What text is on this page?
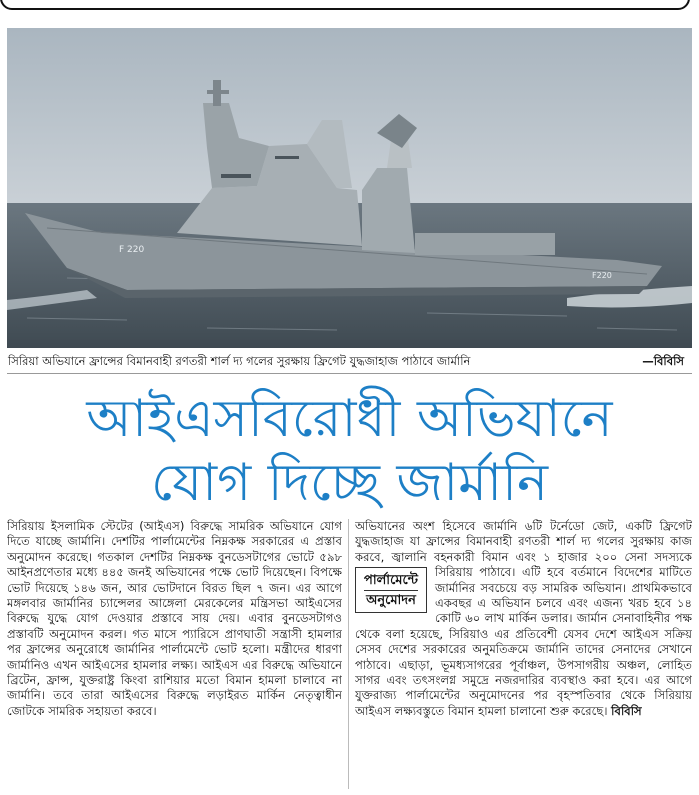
F 220
F220
সিরিয়া অভিযানে ফ্রান্সের বিমানবাহী রণতরী শার্ল দ্য গলের সুরক্ষায় ফ্রিগেট যুদ্ধজাহাজ পাঠাবে জার্মানি	—বিবিসি
আইএসবিরোধী অভিযানে
যোগ দিচ্ছে জার্মানি

সিরিয়ায় ইসলামিক স্টেটের (আইএস) বিরুদ্ধে সামরিক অভিযানে যোগ দিতে যাচ্ছে জার্মানি। দেশটির পার্লামেন্টের নিম্নকক্ষ সরকারের এ প্রস্তাব অনুমোদন করেছে। গতকাল দেশটির নিম্নকক্ষ বুনডেসটাগের ভোটে ৫৯৮ আইনপ্রণেতার মধ্যে ৪৪৫ জনই অভিযানের পক্ষে ভোট দিয়েছেন। বিপক্ষে ভোট দিয়েছে ১৪৬ জন, আর ভোটদানে বিরত ছিল ৭ জন। এর আগে মঙ্গলবার জার্মানির চ্যান্সেলর আঙ্গেলা মেরকেলের মন্ত্রিসভা আইএসের বিরুদ্ধে যুদ্ধে যোগ দেওয়ার প্রস্তাবে সায় দেয়। এবার বুনডেসটাগও প্রস্তাবটি অনুমোদন করল। গত মাসে প্যারিসে প্রাণঘাতী সন্ত্রাসী হামলার পর ফ্রান্সের অনুরোধে জার্মানির পার্লামেন্টে ভোট হলো। মন্ত্রীদের ধারণা জার্মানিও এখন আইএসের হামলার লক্ষ্য। আইএস এর বিরুদ্ধে অভিযানে ব্রিটেন, ফ্রান্স, যুক্তরাষ্ট্র কিংবা রাশিয়ার মতো বিমান হামলা চালাবে না জার্মানি। তবে তারা আইএসের বিরুদ্ধে লড়াইরত মার্কিন নেতৃত্বাধীন জোটকে সামরিক সহায়তা করবে।

অভিযানের অংশ হিসেবে জার্মানি ৬টি টর্নেডো জেট, একটি ফ্রিগেট যুদ্ধজাহাজ যা ফ্রান্সের বিমানবাহী রণতরী শার্ল দ্য গলের সুরক্ষায় কাজ করবে, জ্বালানি বহনকারী বিমান এবং ১ হাজার ২০০ সেনা সদস্যকে সিরিয়ায় পাঠাবে। এটি হবে বর্তমানে
পার্লামেন্টে
অনুমোদন
বিদেশের মাটিতে জার্মানির সবচেয়ে বড় সামরিক অভিযান। প্রাথমিকভাবে একবছর এ অভিযান চলবে এবং এজন্য খরচ হবে ১৪ কোটি ৬০ লাখ মার্কিন ডলার। জার্মান সেনাবাহিনীর পক্ষ থেকে বলা হয়েছে, সিরিয়াও এর প্রতিবেশী যেসব দেশে আইএস সক্রিয় সেসব দেশের সরকারের অনুমতিক্রমে জার্মানি তাদের সেনাদের সেখানে পাঠাবে। এছাড়া, ভূমধ্যসাগরের পূর্বাঞ্চল, উপসাগরীয় অঞ্চল, লোহিত সাগর এবং তৎসংলগ্ন সমুদ্রে নজরদারির ব্যবস্থাও করা হবে। এর আগে যুক্তরাজ্য পার্লামেন্টের অনুমোদনের পর বৃহস্পতিবার থেকে সিরিয়ায় আইএস লক্ষ্যবস্তুতে বিমান হামলা চালানো শুরু করেছে। বিবিসি
